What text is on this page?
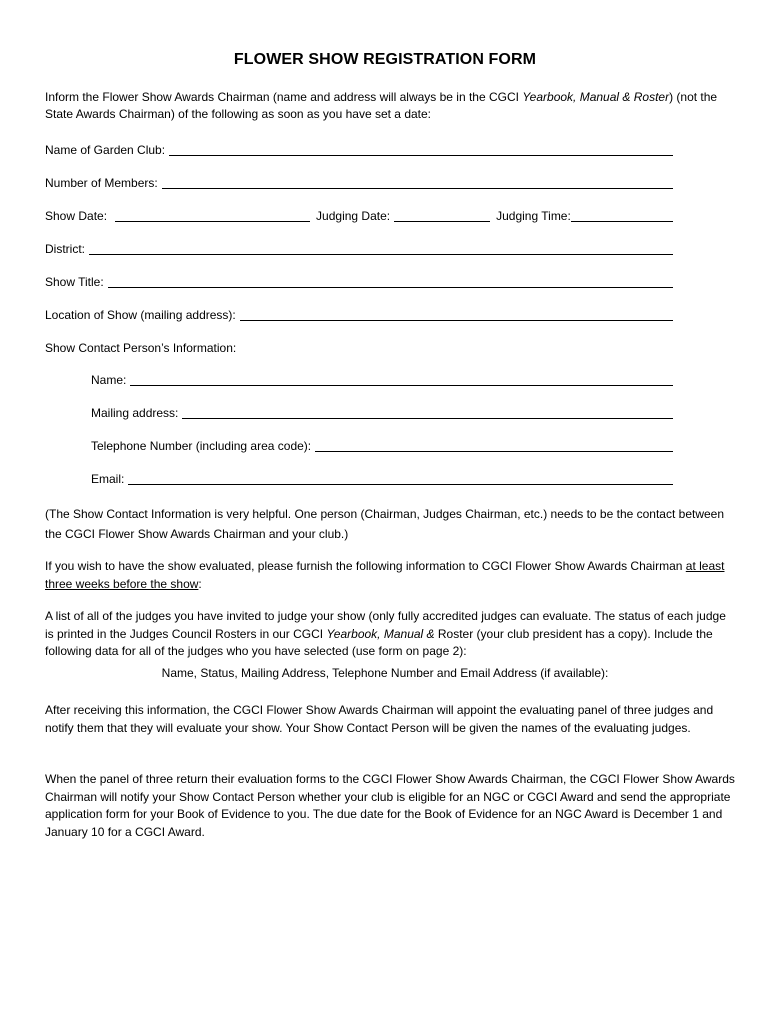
FLOWER SHOW REGISTRATION FORM
Inform the Flower Show Awards Chairman (name and address will always be in the CGCI Yearbook, Manual & Roster) (not the State Awards Chairman) of the following as soon as you have set a date:
Name of Garden Club:
Number of Members:
Show Date:	Judging Date:	Judging Time:
District:
Show Title:
Location of Show (mailing address):
Show Contact Person’s Information:
Name:
Mailing address:
Telephone Number (including area code):
Email:
(The Show Contact Information is very helpful. One person (Chairman, Judges Chairman, etc.) needs to be the contact between the CGCI Flower Show Awards Chairman and your club.)
If you wish to have the show evaluated, please furnish the following information to CGCI Flower Show Awards Chairman at least three weeks before the show:
A list of all of the judges you have invited to judge your show (only fully accredited judges can evaluate. The status of each judge is printed in the Judges Council Rosters in our CGCI Yearbook, Manual & Roster (your club president has a copy). Include the following data for all of the judges who you have selected (use form on page 2):
Name, Status, Mailing Address, Telephone Number and Email Address (if available):
After receiving this information, the CGCI Flower Show Awards Chairman will appoint the evaluating panel of three judges and notify them that they will evaluate your show. Your Show Contact Person will be given the names of the evaluating judges.
When the panel of three return their evaluation forms to the CGCI Flower Show Awards Chairman, the CGCI Flower Show Awards Chairman will notify your Show Contact Person whether your club is eligible for an NGC or CGCI Award and send the appropriate application form for your Book of Evidence to you. The due date for the Book of Evidence for an NGC Award is December 1 and January 10 for a CGCI Award.
